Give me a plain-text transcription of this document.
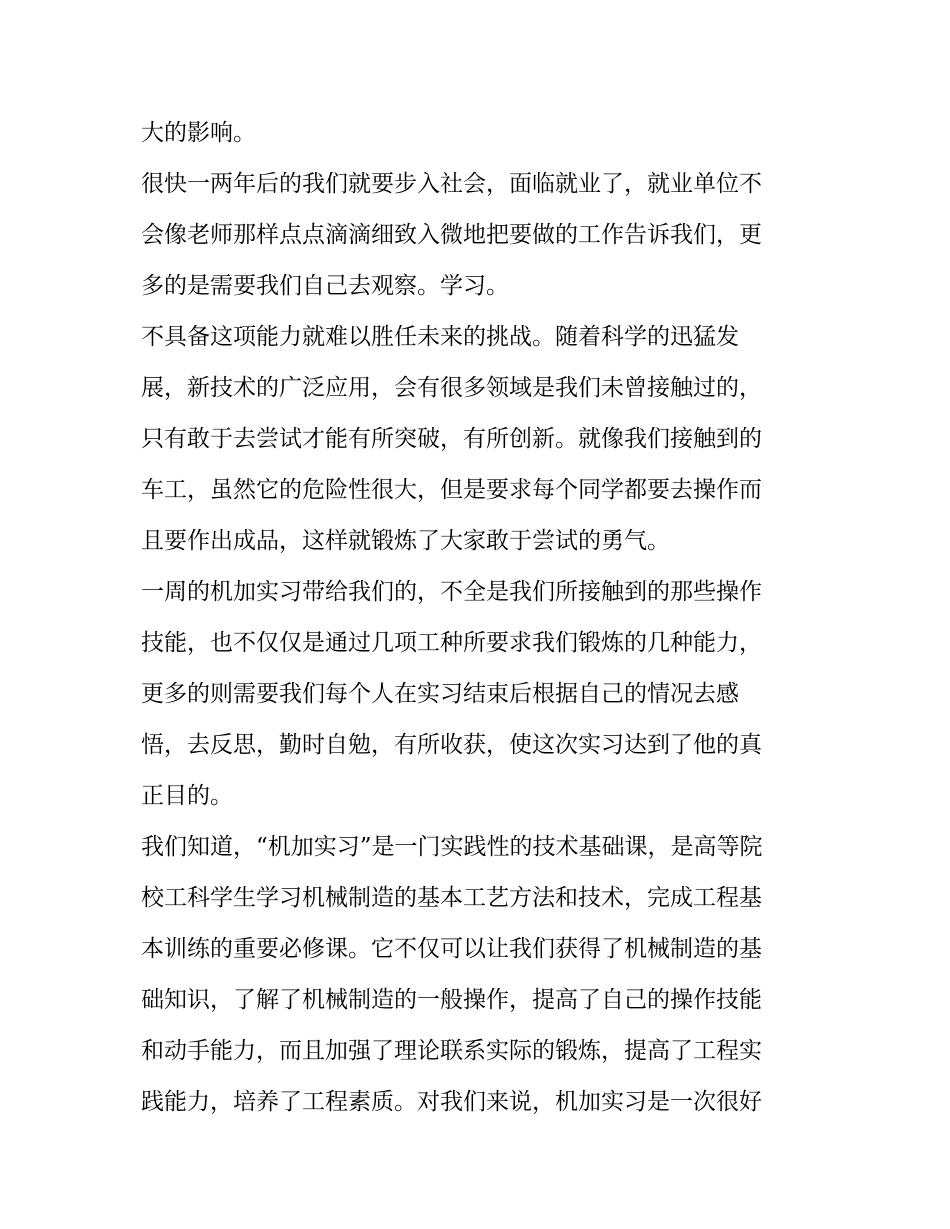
大的影响。
很快一两年后的我们就要步入社会，面临就业了，就业单位不
会像老师那样点点滴滴细致入微地把要做的工作告诉我们，更
多的是需要我们自己去观察。学习。
不具备这项能力就难以胜任未来的挑战。随着科学的迅猛发
展，新技术的广泛应用，会有很多领域是我们未曾接触过的，
只有敢于去尝试才能有所突破，有所创新。就像我们接触到的
车工，虽然它的危险性很大，但是要求每个同学都要去操作而
且要作出成品，这样就锻炼了大家敢于尝试的勇气。
一周的机加实习带给我们的，不全是我们所接触到的那些操作
技能，也不仅仅是通过几项工种所要求我们锻炼的几种能力，
更多的则需要我们每个人在实习结束后根据自己的情况去感
悟，去反思，勤时自勉，有所收获，使这次实习达到了他的真
正目的。
我们知道，“机加实习”是一门实践性的技术基础课，是高等院
校工科学生学习机械制造的基本工艺方法和技术，完成工程基
本训练的重要必修课。它不仅可以让我们获得了机械制造的基
础知识，了解了机械制造的一般操作，提高了自己的操作技能
和动手能力，而且加强了理论联系实际的锻炼，提高了工程实
践能力，培养了工程素质。对我们来说，机加实习是一次很好
